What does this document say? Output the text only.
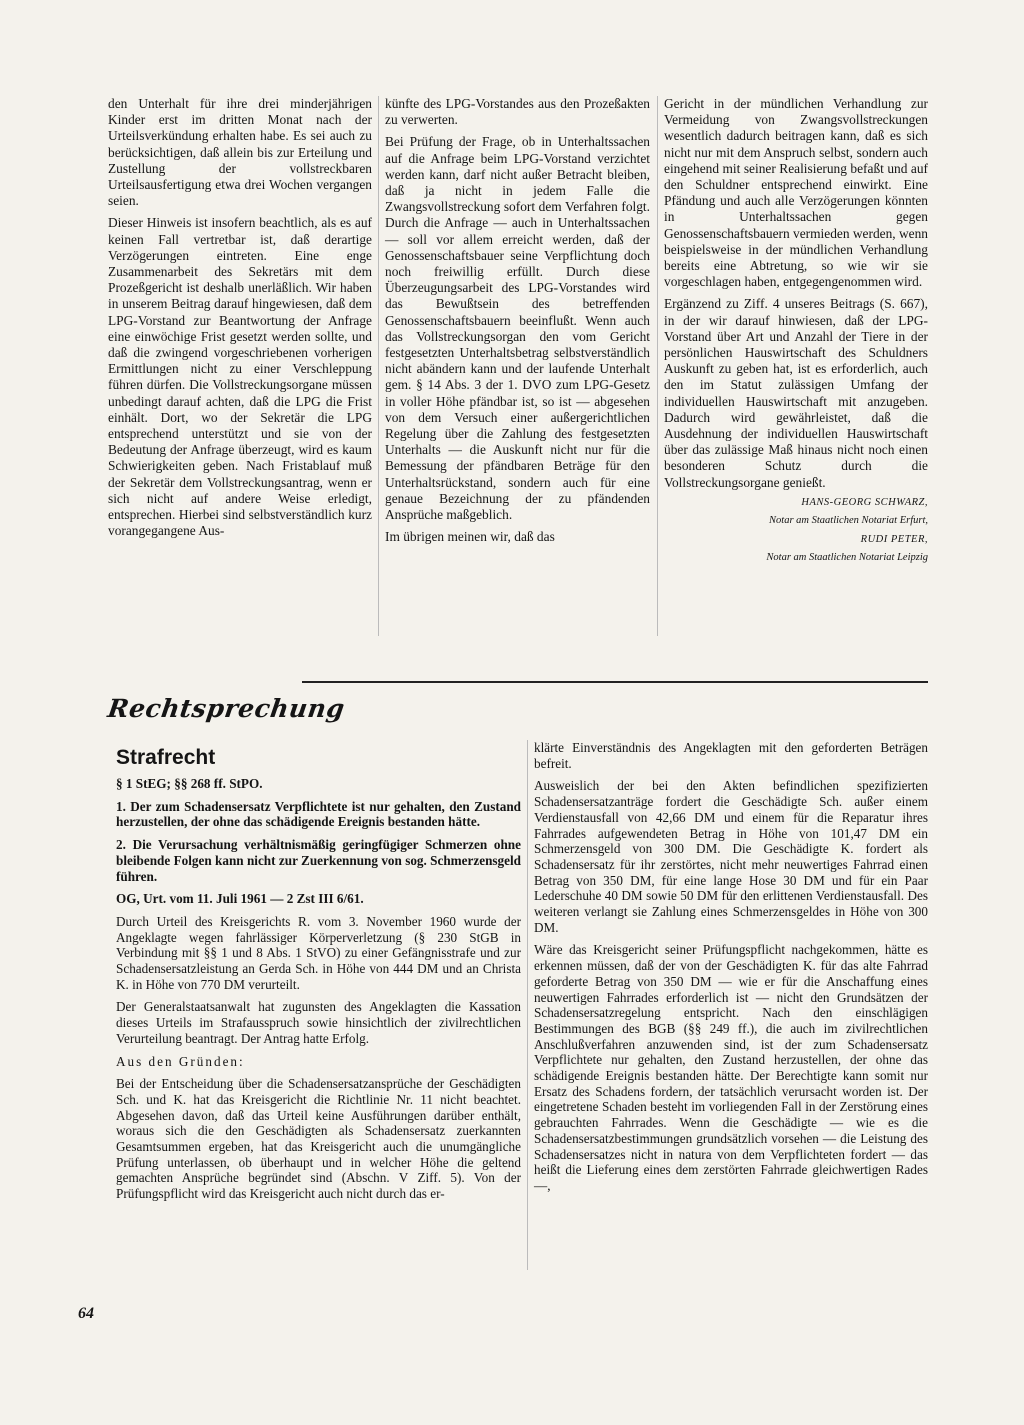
den Unterhalt für ihre drei minderjährigen Kinder erst im dritten Monat nach der Urteilsverkündung erhalten habe. Es sei auch zu berücksichtigen, daß allein bis zur Erteilung und Zustellung der vollstreckbaren Urteilsausfertigung etwa drei Wochen vergangen seien.

Dieser Hinweis ist insofern beachtlich, als es auf keinen Fall vertretbar ist, daß derartige Verzögerungen eintreten. Eine enge Zusammenarbeit des Sekretärs mit dem Prozeßgericht ist deshalb unerläßlich. Wir haben in unserem Beitrag darauf hingewiesen, daß dem LPG-Vorstand zur Beantwortung der Anfrage eine einwöchige Frist gesetzt werden sollte, und daß die zwingend vorgeschriebenen vorherigen Ermittlungen nicht zu einer Verschleppung führen dürfen. Die Vollstreckungsorgane müssen unbedingt darauf achten, daß die LPG die Frist einhält. Dort, wo der Sekretär die LPG entsprechend unterstützt und sie von der Bedeutung der Anfrage überzeugt, wird es kaum Schwierigkeiten geben. Nach Fristablauf muß der Sekretär dem Vollstreckungsantrag, wenn er sich nicht auf andere Weise erledigt, entsprechen. Hierbei sind selbstverständlich kurz vorangegangene Aus-

künfte des LPG-Vorstandes aus den Prozeßakten zu verwerten.

Bei Prüfung der Frage, ob in Unterhaltssachen auf die Anfrage beim LPG-Vorstand verzichtet werden kann, darf nicht außer Betracht bleiben, daß ja nicht in jedem Falle die Zwangsvollstreckung sofort dem Verfahren folgt. Durch die Anfrage — auch in Unterhaltssachen — soll vor allem erreicht werden, daß der Genossenschaftsbauer seine Verpflichtung doch noch freiwillig erfüllt. Durch diese Überzeugungsarbeit des LPG-Vorstandes wird das Bewußtsein des betreffenden Genossenschaftsbauern beeinflußt. Wenn auch das Vollstreckungsorgan den vom Gericht festgesetzten Unterhaltsbetrag selbstverständlich nicht abändern kann und der laufende Unterhalt gem. § 14 Abs. 3 der 1. DVO zum LPG-Gesetz in voller Höhe pfändbar ist, so ist — abgesehen von dem Versuch einer außergerichtlichen Regelung über die Zahlung des festgesetzten Unterhalts — die Auskunft nicht nur für die Bemessung der pfändbaren Beträge für den Unterhaltsrückstand, sondern auch für eine genaue Bezeichnung der zu pfändenden Ansprüche maßgeblich.

Im übrigen meinen wir, daß das

Gericht in der mündlichen Verhandlung zur Vermeidung von Zwangsvollstreckungen wesentlich dadurch beitragen kann, daß es sich nicht nur mit dem Anspruch selbst, sondern auch eingehend mit seiner Realisierung befaßt und auf den Schuldner entsprechend einwirkt. Eine Pfändung und auch alle Verzögerungen könnten in Unterhaltssachen gegen Genossenschaftsbauern vermieden werden, wenn beispielsweise in der mündlichen Verhandlung bereits eine Abtretung, so wie wir sie vorgeschlagen haben, entgegengenommen wird.

Ergänzend zu Ziff. 4 unseres Beitrags (S. 667), in der wir darauf hinwiesen, daß der LPG-Vorstand über Art und Anzahl der Tiere in der persönlichen Hauswirtschaft des Schuldners Auskunft zu geben hat, ist es erforderlich, auch den im Statut zulässigen Umfang der individuellen Hauswirtschaft mit anzugeben. Dadurch wird gewährleistet, daß die Ausdehnung der individuellen Hauswirtschaft über das zulässige Maß hinaus nicht noch einen besonderen Schutz durch die Vollstreckungsorgane genießt.

HANS-GEORG SCHWARZ,

Notar am Staatlichen Notariat Erfurt,

RUDI PETER,

Notar am Staatlichen Notariat Leipzig

Rechtsprechung
Strafrecht

§ 1 StEG; §§ 268 ff. StPO.

1. Der zum Schadensersatz Verpflichtete ist nur gehalten, den Zustand herzustellen, der ohne das schädigende Ereignis bestanden hätte.

2. Die Verursachung verhältnismäßig geringfügiger Schmerzen ohne bleibende Folgen kann nicht zur Zuerkennung von sog. Schmerzensgeld führen.

OG, Urt. vom 11. Juli 1961 — 2 Zst III 6/61.

Durch Urteil des Kreisgerichts R. vom 3. November 1960 wurde der Angeklagte wegen fahrlässiger Körperverletzung (§ 230 StGB in Verbindung mit §§ 1 und 8 Abs. 1 StVO) zu einer Gefängnisstrafe und zur Schadensersatzleistung an Gerda Sch. in Höhe von 444 DM und an Christa K. in Höhe von 770 DM verurteilt.

Der Generalstaatsanwalt hat zugunsten des Angeklagten die Kassation dieses Urteils im Strafausspruch sowie hinsichtlich der zivilrechtlichen Verurteilung beantragt. Der Antrag hatte Erfolg.

Aus den Gründen:

Bei der Entscheidung über die Schadensersatzansprüche der Geschädigten Sch. und K. hat das Kreisgericht die Richtlinie Nr. 11 nicht beachtet. Abgesehen davon, daß das Urteil keine Ausführungen darüber enthält, woraus sich die den Geschädigten als Schadensersatz zuerkannten Gesamtsummen ergeben, hat das Kreisgericht auch die unumgängliche Prüfung unterlassen, ob überhaupt und in welcher Höhe die geltend gemachten Ansprüche begründet sind (Abschn. V Ziff. 5). Von der Prüfungspflicht wird das Kreisgericht auch nicht durch das er-

klärte Einverständnis des Angeklagten mit den geforderten Beträgen befreit.

Ausweislich der bei den Akten befindlichen spezifizierten Schadensersatzanträge fordert die Geschädigte Sch. außer einem Verdienstausfall von 42,66 DM und einem für die Reparatur ihres Fahrrades aufgewendeten Betrag in Höhe von 101,47 DM ein Schmerzensgeld von 300 DM. Die Geschädigte K. fordert als Schadensersatz für ihr zerstörtes, nicht mehr neuwertiges Fahrrad einen Betrag von 350 DM, für eine lange Hose 30 DM und für ein Paar Lederschuhe 40 DM sowie 50 DM für den erlittenen Verdienstausfall. Des weiteren verlangt sie Zahlung eines Schmerzensgeldes in Höhe von 300 DM.

Wäre das Kreisgericht seiner Prüfungspflicht nachgekommen, hätte es erkennen müssen, daß der von der Geschädigten K. für das alte Fahrrad geforderte Betrag von 350 DM — wie er für die Anschaffung eines neuwertigen Fahrrades erforderlich ist — nicht den Grundsätzen der Schadensersatzregelung entspricht. Nach den einschlägigen Bestimmungen des BGB (§§ 249 ff.), die auch im zivilrechtlichen Anschlußverfahren anzuwenden sind, ist der zum Schadensersatz Verpflichtete nur gehalten, den Zustand herzustellen, der ohne das schädigende Ereignis bestanden hätte. Der Berechtigte kann somit nur Ersatz des Schadens fordern, der tatsächlich verursacht worden ist. Der eingetretene Schaden besteht im vorliegenden Fall in der Zerstörung eines gebrauchten Fahrrades. Wenn die Geschädigte — wie es die Schadensersatzbestimmungen grundsätzlich vorsehen — die Leistung des Schadensersatzes nicht in natura von dem Verpflichteten fordert — das heißt die Lieferung eines dem zerstörten Fahrrade gleichwertigen Rades —,

64
